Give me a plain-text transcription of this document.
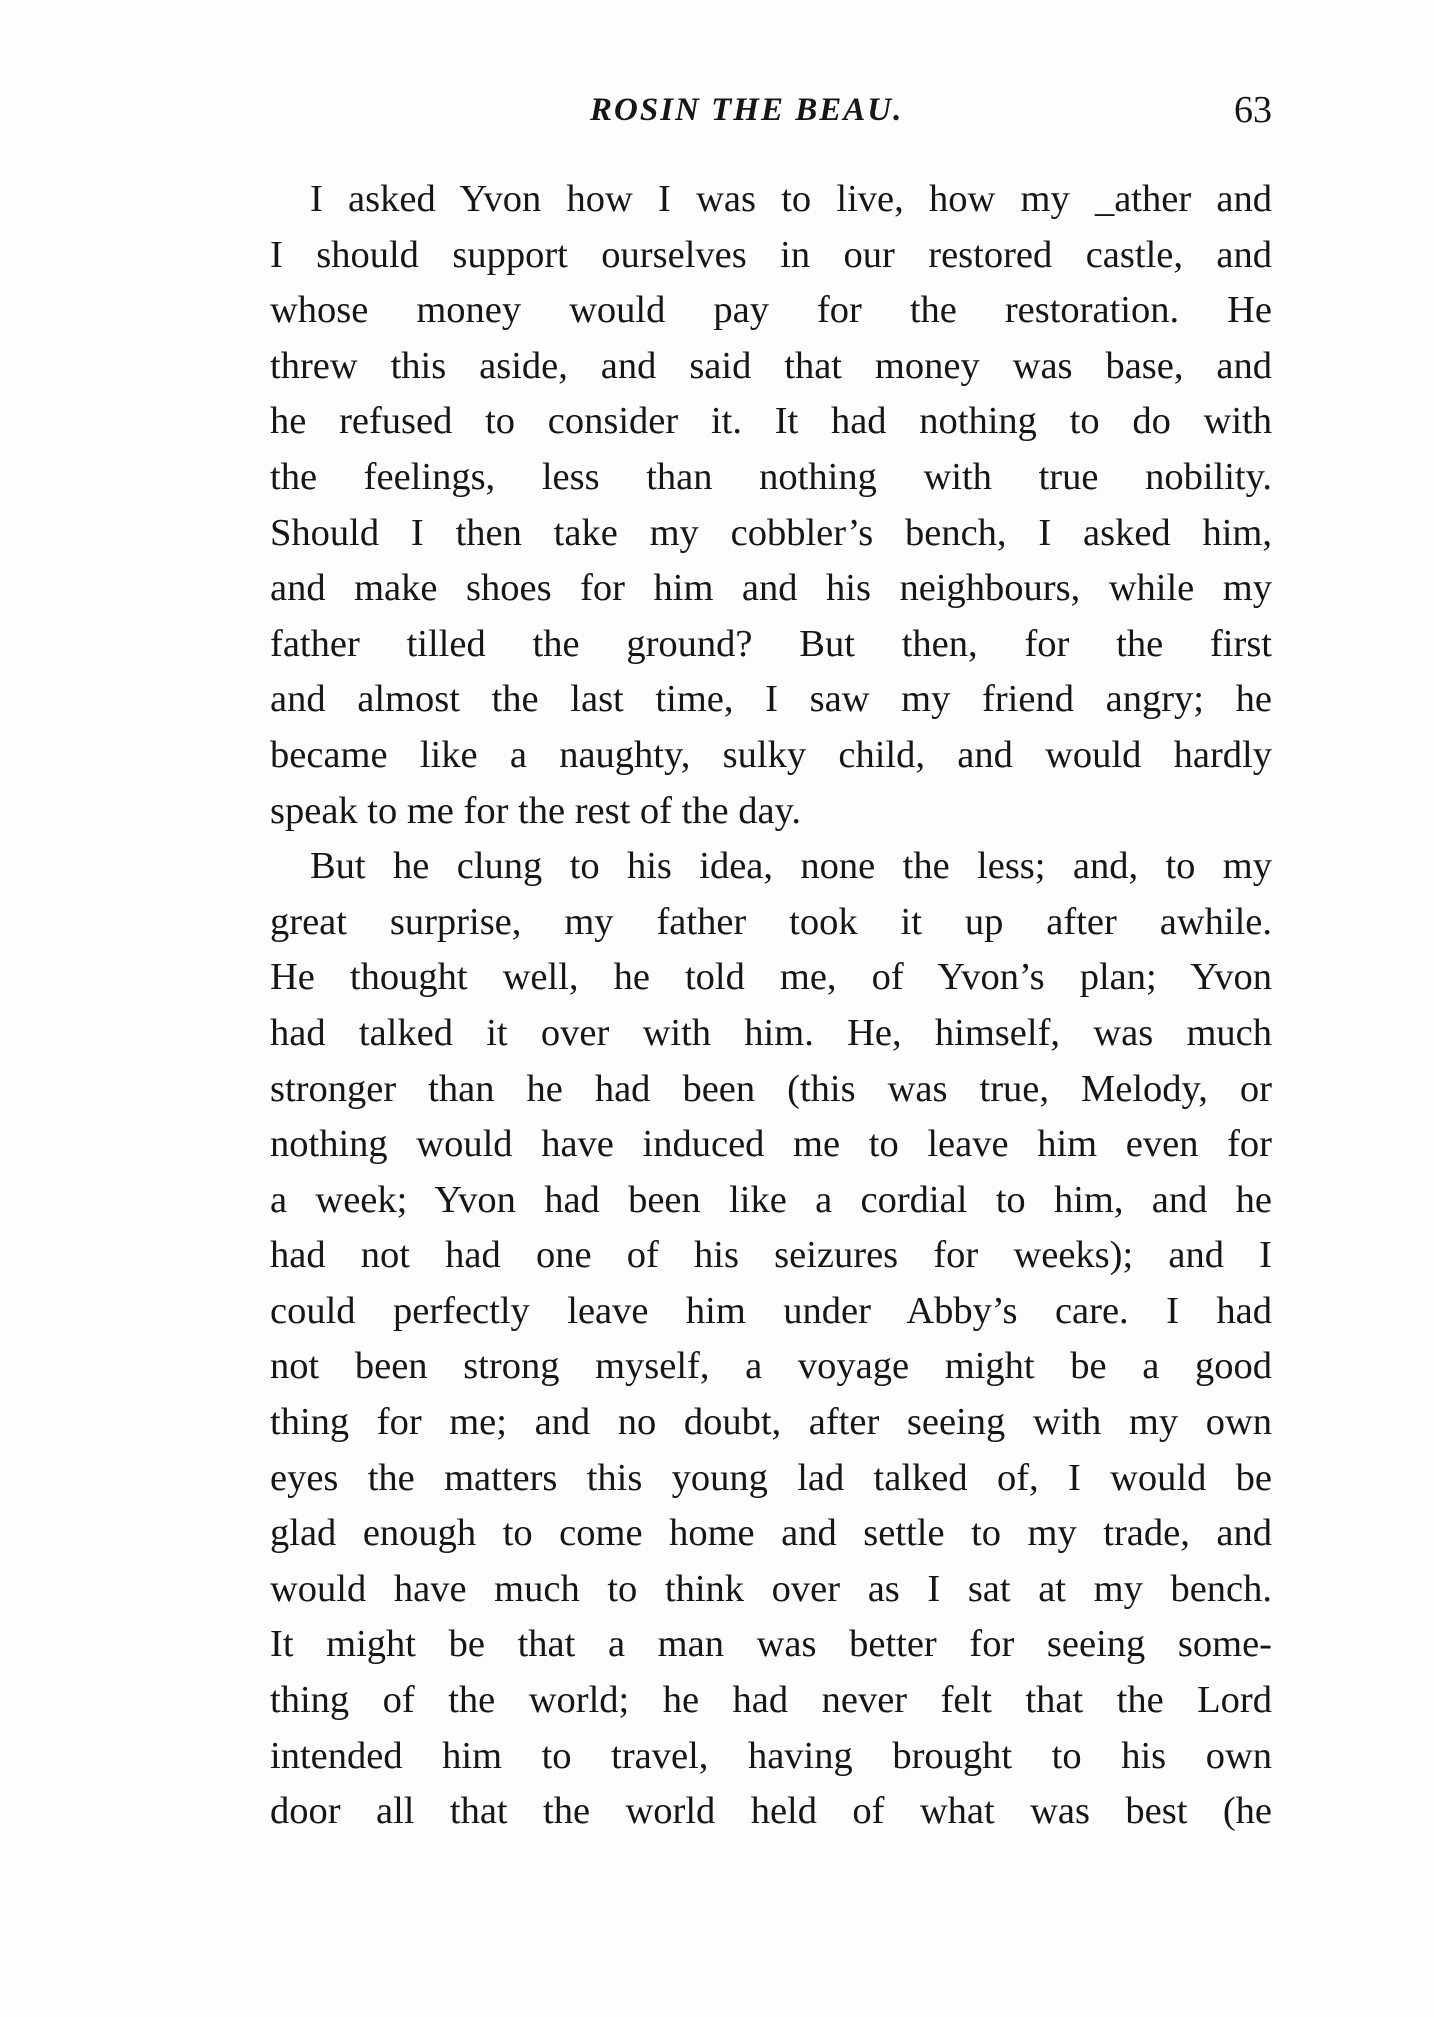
ROSIN THE BEAU.	63

I asked Yvon how I was to live, how my _ather and
I should support ourselves in our restored castle, and
whose money would pay for the restoration. He
threw this aside, and said that money was base, and
he refused to consider it. It had nothing to do with
the feelings, less than nothing with true nobility.
Should I then take my cobbler’s bench, I asked him,
and make shoes for him and his neighbours, while my
father tilled the ground? But then, for the first
and almost the last time, I saw my friend angry; he
became like a naughty, sulky child, and would hardly
speak to me for the rest of the day.

But he clung to his idea, none the less; and, to my
great surprise, my father took it up after awhile.
He thought well, he told me, of Yvon’s plan; Yvon
had talked it over with him. He, himself, was much
stronger than he had been (this was true, Melody, or
nothing would have induced me to leave him even for
a week; Yvon had been like a cordial to him, and he
had not had one of his seizures for weeks); and I
could perfectly leave him under Abby’s care. I had
not been strong myself, a voyage might be a good
thing for me; and no doubt, after seeing with my own
eyes the matters this young lad talked of, I would be
glad enough to come home and settle to my trade, and
would have much to think over as I sat at my bench.
It might be that a man was better for seeing some-
thing of the world; he had never felt that the Lord
intended him to travel, having brought to his own
door all that the world held of what was best (he
